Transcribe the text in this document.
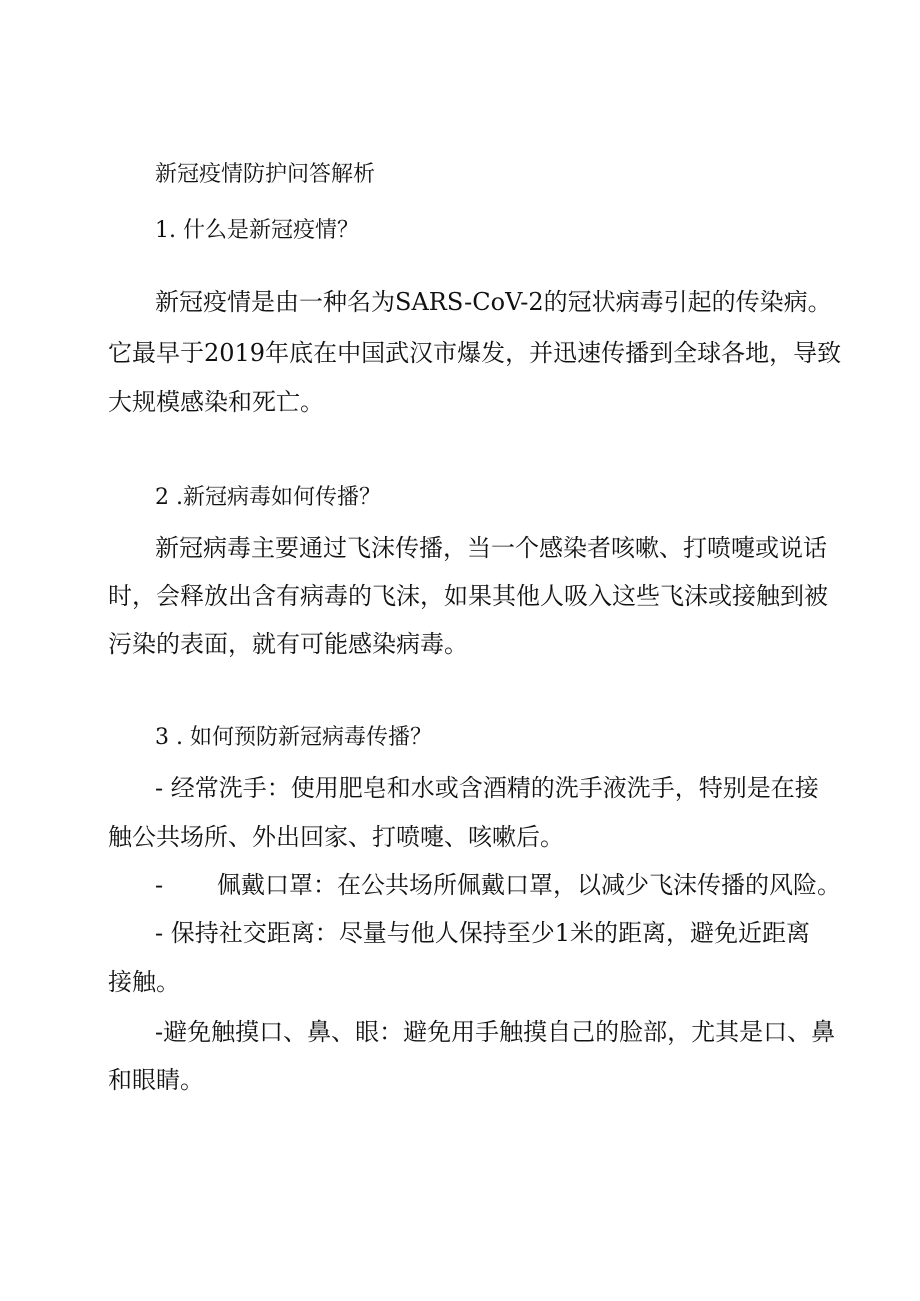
新冠疫情防护问答解析
1. 什么是新冠疫情？
新冠疫情是由一种名为SARS-CoV-2的冠状病毒引起的传染病。
它最早于2019年底在中国武汉市爆发，并迅速传播到全球各地，导致
大规模感染和死亡。
2 .新冠病毒如何传播？
新冠病毒主要通过飞沫传播，当一个感染者咳嗽、打喷嚏或说话
时，会释放出含有病毒的飞沫，如果其他人吸入这些飞沫或接触到被
污染的表面，就有可能感染病毒。
3 . 如何预防新冠病毒传播？
- 经常洗手：使用肥皂和水或含酒精的洗手液洗手，特别是在接
触公共场所、外出回家、打喷嚏、咳嗽后。
- 佩戴口罩：在公共场所佩戴口罩，以减少飞沫传播的风险。
- 保持社交距离：尽量与他人保持至少1米的距离，避免近距离
接触。
-避免触摸口、鼻、眼：避免用手触摸自己的脸部，尤其是口、鼻
和眼睛。
